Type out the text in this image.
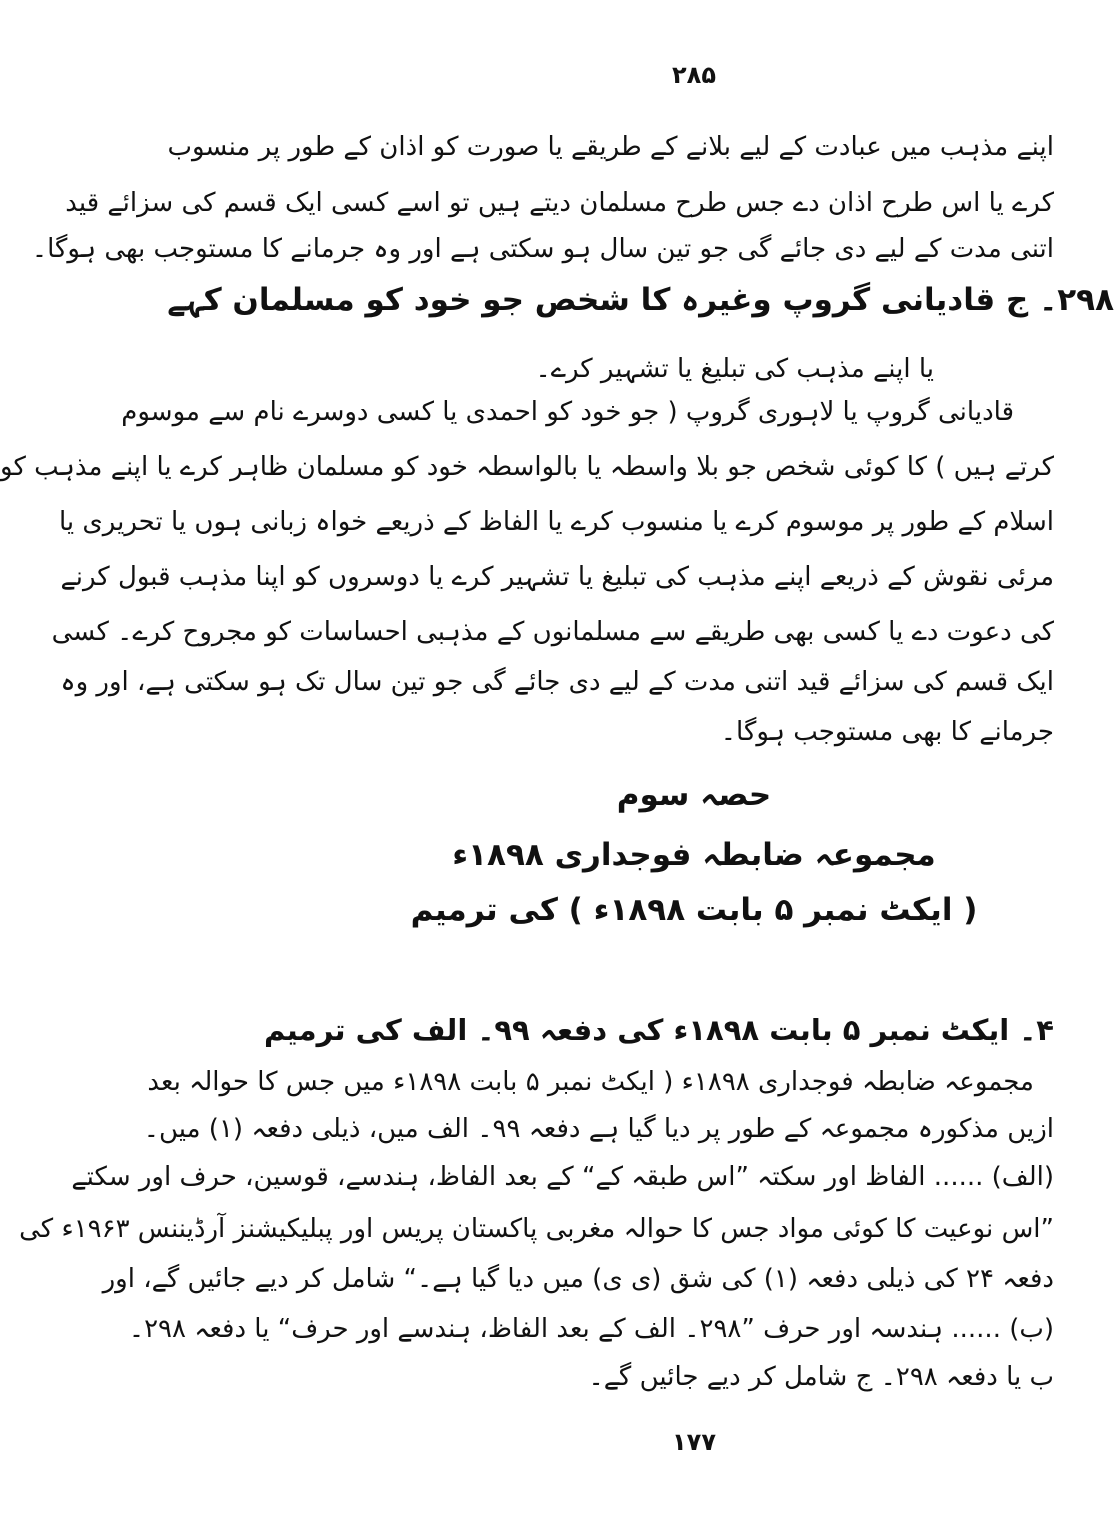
۲۸۵
اپنے مذہب میں عبادت کے لیے بلانے کے طریقے یا صورت کو اذان کے طور پر منسوب
کرے یا اس طرح اذان دے جس طرح مسلمان دیتے ہیں تو اسے کسی ایک قسم کی سزائے قید
اتنی مدت کے لیے دی جائے گی جو تین سال ہو سکتی ہے اور وہ جرمانے کا مستوجب بھی ہوگا۔
۲۹۸۔ ج قادیانی گروپ وغیرہ کا شخص جو خود کو مسلمان کہے
یا اپنے مذہب کی تبلیغ یا تشہیر کرے۔
قادیانی گروپ یا لاہوری گروپ ( جو خود کو احمدی یا کسی دوسرے نام سے موسوم
کرتے ہیں ) کا کوئی شخص جو بلا واسطہ یا بالواسطہ خود کو مسلمان ظاہر کرے یا اپنے مذہب کو
اسلام کے طور پر موسوم کرے یا منسوب کرے یا الفاظ کے ذریعے خواہ زبانی ہوں یا تحریری یا
مرئی نقوش کے ذریعے اپنے مذہب کی تبلیغ یا تشہیر کرے یا دوسروں کو اپنا مذہب قبول کرنے
کی دعوت دے یا کسی بھی طریقے سے مسلمانوں کے مذہبی احساسات کو مجروح کرے۔ کسی
ایک قسم کی سزائے قید اتنی مدت کے لیے دی جائے گی جو تین سال تک ہو سکتی ہے، اور وہ
جرمانے کا بھی مستوجب ہوگا۔
حصہ سوم
مجموعہ ضابطہ فوجداری ۱۸۹۸ء
( ایکٹ نمبر ۵ بابت ۱۸۹۸ء ) کی ترمیم
۴۔ ایکٹ نمبر ۵ بابت ۱۸۹۸ء کی دفعہ ۹۹۔ الف کی ترمیم
مجموعہ ضابطہ فوجداری ۱۸۹۸ء ( ایکٹ نمبر ۵ بابت ۱۸۹۸ء میں جس کا حوالہ بعد
ازیں مذکورہ مجموعہ کے طور پر دیا گیا ہے دفعہ ۹۹۔ الف میں، ذیلی دفعہ (۱) میں۔
(الف) ...... الفاظ اور سکتہ ”اس طبقہ کے“ کے بعد الفاظ، ہندسے، قوسین، حرف اور سکتے
”اس نوعیت کا کوئی مواد جس کا حوالہ مغربی پاکستان پریس اور پبلیکیشنز آرڈیننس ۱۹۶۳ء کی
دفعہ ۲۴ کی ذیلی دفعہ (۱) کی شق (ی ی) میں دیا گیا ہے۔“ شامل کر دیے جائیں گے، اور
(ب) ...... ہندسہ اور حرف ”۲۹۸۔ الف کے بعد الفاظ، ہندسے اور حرف“ یا دفعہ ۲۹۸۔
ب یا دفعہ ۲۹۸۔ ج شامل کر دیے جائیں گے۔
۱۷۷
